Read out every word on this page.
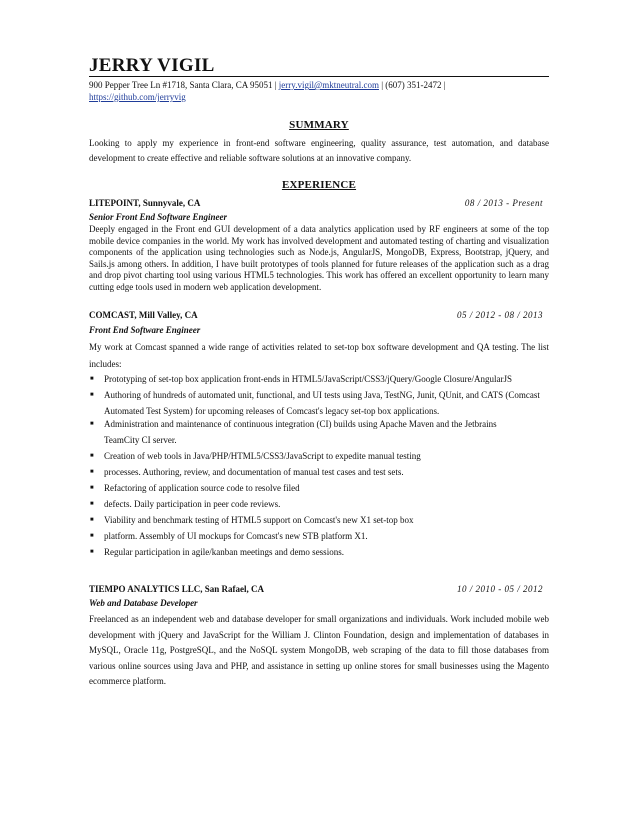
JERRY VIGIL
900 Pepper Tree Ln #1718, Santa Clara, CA 95051 | jerry.vigil@mktneutral.com | (607) 351-2472 |
https://github.com/jerryvig
SUMMARY
Looking to apply my experience in front-end software engineering, quality assurance, test automation, and database development to create effective and reliable software solutions at an innovative company.
EXPERIENCE
LITEPOINT, Sunnyvale, CA	08 / 2013 - Present
Senior Front End Software Engineer
Deeply engaged in the Front end GUI development of a data analytics application used by RF engineers at some of the top mobile device companies in the world. My work has involved development and automated testing of charting and visualization components of the application using technologies such as Node.js, AngularJS, MongoDB, Express, Bootstrap, jQuery, and Sails.js among others. In addition, I have built prototypes of tools planned for future releases of the application such as a drag and drop pivot charting tool using various HTML5 technologies. This work has offered an excellent opportunity to learn many cutting edge tools used in modern web application development.
COMCAST, Mill Valley, CA	05 / 2012 - 08 / 2013
Front End Software Engineer
My work at Comcast spanned a wide range of activities related to set-top box software development and QA testing. The list includes:
■ Prototyping of set-top box application front-ends in HTML5/JavaScript/CSS3/jQuery/Google Closure/AngularJS
■ Authoring of hundreds of automated unit, functional, and UI tests using Java, TestNG, Junit, QUnit, and CATS (Comcast
Automated Test System) for upcoming releases of Comcast's legacy set-top box applications.
■ Administration and maintenance of continuous integration (CI) builds using Apache Maven and the Jetbrains
TeamCity CI server.
■ Creation of web tools in Java/PHP/HTML5/CSS3/JavaScript to expedite manual testing
■ processes. Authoring, review, and documentation of manual test cases and test sets.
■ Refactoring of application source code to resolve filed
■ defects. Daily participation in peer code reviews.
■ Viability and benchmark testing of HTML5 support on Comcast's new X1 set-top box
■ platform. Assembly of UI mockups for Comcast's new STB platform X1.
■ Regular participation in agile/kanban meetings and demo sessions.
TIEMPO ANALYTICS LLC, San Rafael, CA	10 / 2010 - 05 / 2012
Web and Database Developer
Freelanced as an independent web and database developer for small organizations and individuals. Work included mobile web development with jQuery and JavaScript for the William J. Clinton Foundation, design and implementation of databases in MySQL, Oracle 11g, PostgreSQL, and the NoSQL system MongoDB, web scraping of the data to fill those databases from various online sources using Java and PHP, and assistance in setting up online stores for small businesses using the Magento ecommerce platform.
